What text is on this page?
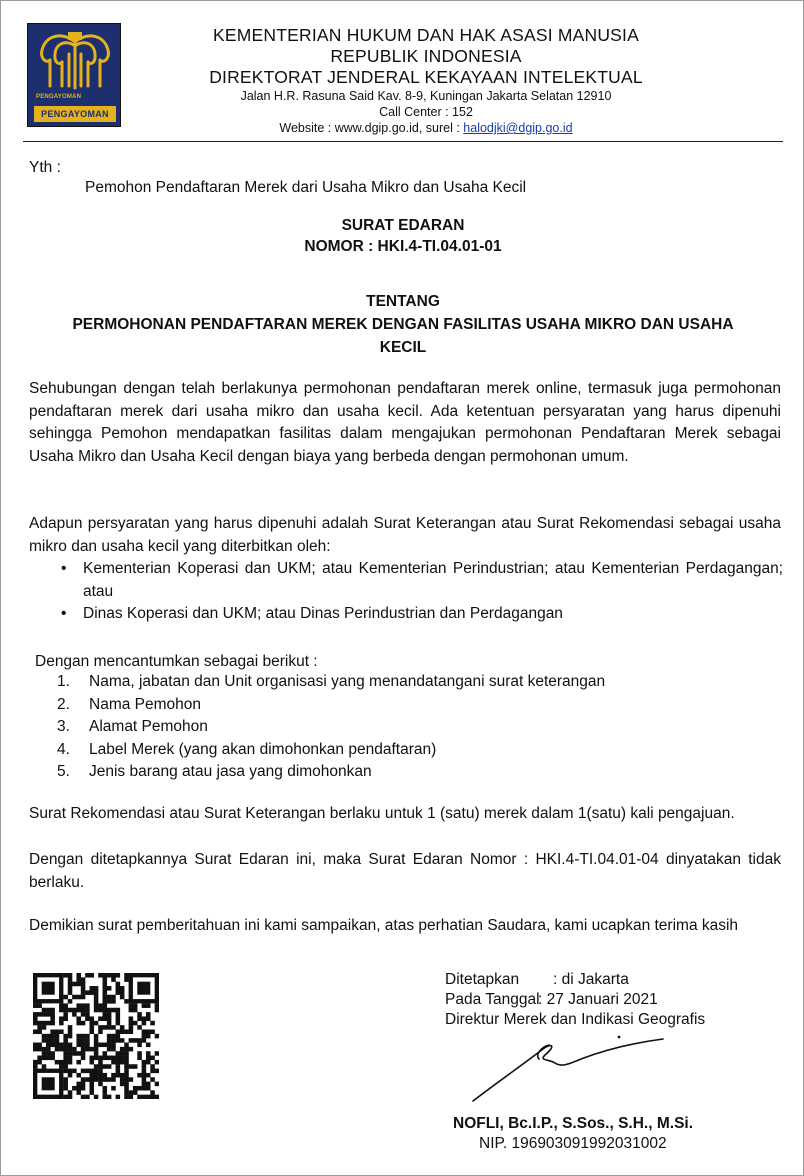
PENGAYOMAN
PENGAYOMAN
KEMENTERIAN HUKUM DAN HAK ASASI MANUSIA
REPUBLIK INDONESIA
DIREKTORAT JENDERAL KEKAYAAN INTELEKTUAL
Jalan H.R. Rasuna Said Kav. 8-9, Kuningan Jakarta Selatan 12910
Call Center : 152
Website : www.dgip.go.id, surel : halodjki@dgip.go.id
Yth :
Pemohon Pendaftaran Merek dari Usaha Mikro dan Usaha Kecil
SURAT EDARAN
NOMOR : HKI.4-TI.04.01-01
TENTANG
PERMOHONAN PENDAFTARAN MEREK DENGAN FASILITAS USAHA MIKRO DAN USAHA
KECIL
Sehubungan dengan telah berlakunya permohonan pendaftaran merek online, termasuk juga permohonan pendaftaran merek dari usaha mikro dan usaha kecil. Ada ketentuan persyaratan yang harus dipenuhi sehingga Pemohon mendapatkan fasilitas dalam mengajukan permohonan Pendaftaran Merek sebagai Usaha Mikro dan Usaha Kecil dengan biaya yang berbeda dengan permohonan umum.
Adapun persyaratan yang harus dipenuhi adalah Surat Keterangan atau Surat Rekomendasi sebagai usaha mikro dan usaha kecil yang diterbitkan oleh:
• Kementerian Koperasi dan UKM; atau Kementerian Perindustrian; atau Kementerian Perdagangan; atau
• Dinas Koperasi dan UKM; atau Dinas Perindustrian dan Perdagangan
Dengan mencantumkan sebagai berikut :
1. Nama, jabatan dan Unit organisasi yang menandatangani surat keterangan
2. Nama Pemohon
3. Alamat Pemohon
4. Label Merek (yang akan dimohonkan pendaftaran)
5. Jenis barang atau jasa yang dimohonkan
Surat Rekomendasi atau Surat Keterangan berlaku untuk 1 (satu) merek dalam 1(satu) kali pengajuan.
Dengan ditetapkannya Surat Edaran ini, maka Surat Edaran Nomor : HKI.4-TI.04.01-04 dinyatakan tidak berlaku.
Demikian surat pemberitahuan ini kami sampaikan, atas perhatian Saudara, kami ucapkan terima kasih
Ditetapkan : di Jakarta
Pada Tanggal
: 27 Januari 2021
Direktur Merek dan Indikasi Geografis
NOFLI, Bc.I.P., S.Sos., S.H., M.Si.
NIP. 196903091992031002
